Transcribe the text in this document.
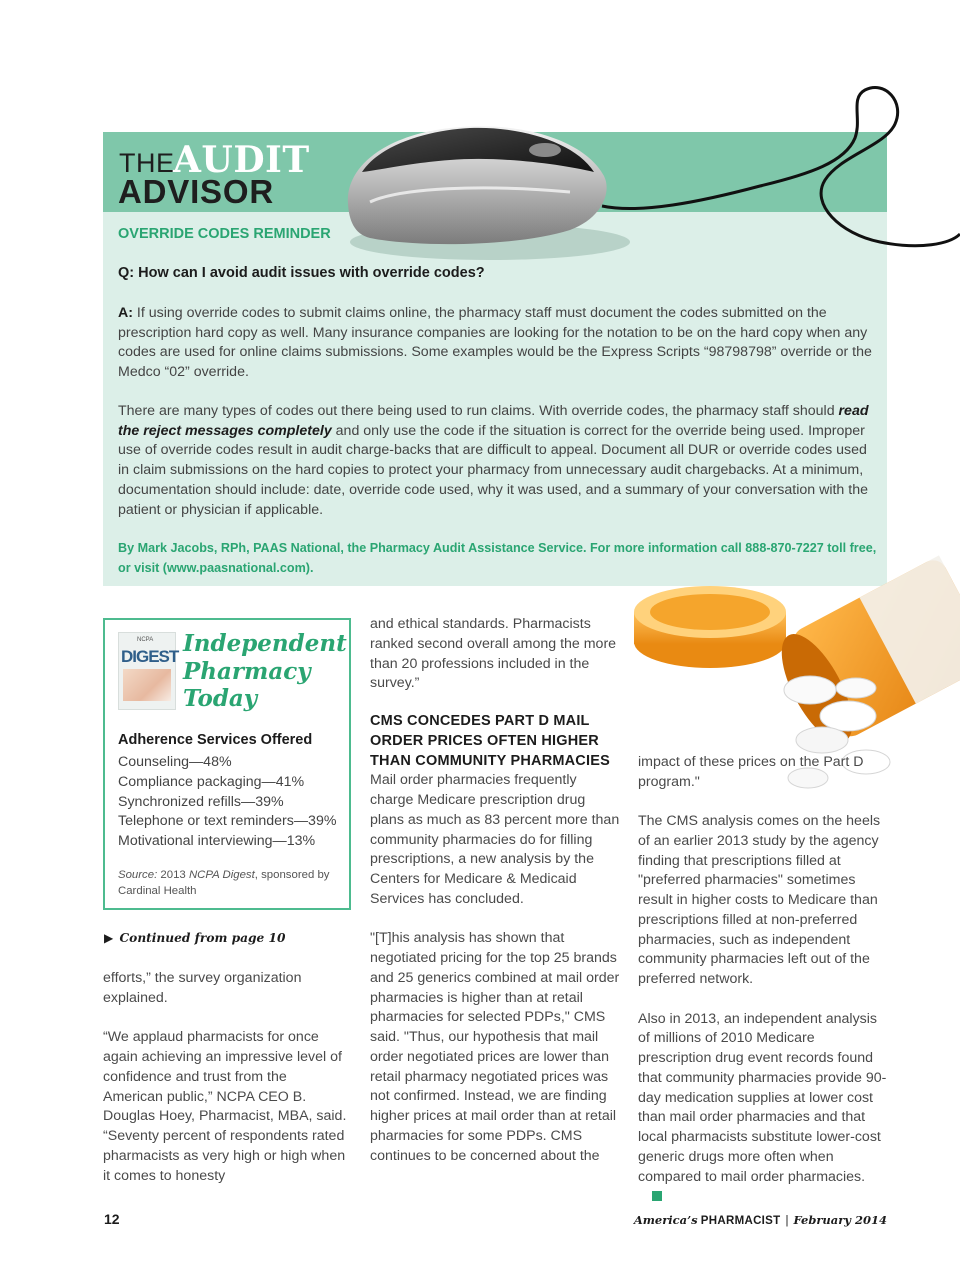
THE
AUDIT
ADVISOR
OVERRIDE CODES REMINDER
Q: How can I avoid audit issues with override codes?
A: If using override codes to submit claims online, the pharmacy staff must document the codes submitted on the prescription hard copy as well. Many insurance companies are looking for the notation to be on the hard copy when any codes are used for online claims submissions. Some examples would be the Express Scripts “98798798” override or the Medco “02” override.
There are many types of codes out there being used to run claims. With override codes, the pharmacy staff should read the reject messages completely and only use the code if the situation is correct for the override being used. Improper use of override codes result in audit charge-backs that are difficult to appeal. Document all DUR or override codes used in claim submissions on the hard copies to protect your pharmacy from unnecessary audit chargebacks. At a minimum, documentation should include: date, override code used, why it was used, and a summary of your conversation with the patient or physician if applicable.
By Mark Jacobs, RPh, PAAS National, the Pharmacy Audit Assistance Service. For more information call 888-870-7227 toll free, or visit (www.paasnational.com).
NCPA
DIGEST Independent Pharmacy Today
Adherence Services Offered
Counseling—48%
Compliance packaging—41%
Synchronized refills—39%
Telephone or text reminders—39%
Motivational interviewing—13%
Source: 2013 NCPA Digest, sponsored by Cardinal Health
▶ Continued from page 10

efforts,” the survey organization explained.

“We applaud pharmacists for once again achieving an impressive level of confidence and trust from the American public,” NCPA CEO B. Douglas Hoey, Pharmacist, MBA, said. “Seventy percent of respondents rated pharmacists as very high or high when it comes to honesty

and ethical standards. Pharmacists ranked second overall among the more than 20 professions included in the survey.”

CMS CONCEDES PART D MAIL ORDER PRICES OFTEN HIGHER THAN COMMUNITY PHARMACIES

Mail order pharmacies frequently charge Medicare prescription drug plans as much as 83 percent more than community pharmacies do for filling prescriptions, a new analysis by the Centers for Medicare & Medicaid Services has concluded.

"[T]his analysis has shown that negotiated pricing for the top 25 brands and 25 generics combined at mail order pharmacies is higher than at retail pharmacies for selected PDPs," CMS said. "Thus, our hypothesis that mail order negotiated prices are lower than retail pharmacy negotiated prices was not confirmed. Instead, we are finding higher prices at mail order than at retail pharmacies for some PDPs. CMS continues to be concerned about the

impact of these prices on the Part D program."

The CMS analysis comes on the heels of an earlier 2013 study by the agency finding that prescriptions filled at "preferred pharmacies" sometimes result in higher costs to Medicare than prescriptions filled at non-preferred pharmacies, such as independent community pharmacies left out of the preferred network.

Also in 2013, an independent analysis of millions of 2010 Medicare prescription drug event records found that community pharmacies provide 90-day medication supplies at lower cost than mail order pharmacies and that local pharmacists substitute lower-cost generic drugs more often when compared to mail order pharmacies.

12	America’s PHARMACIST | February 2014
